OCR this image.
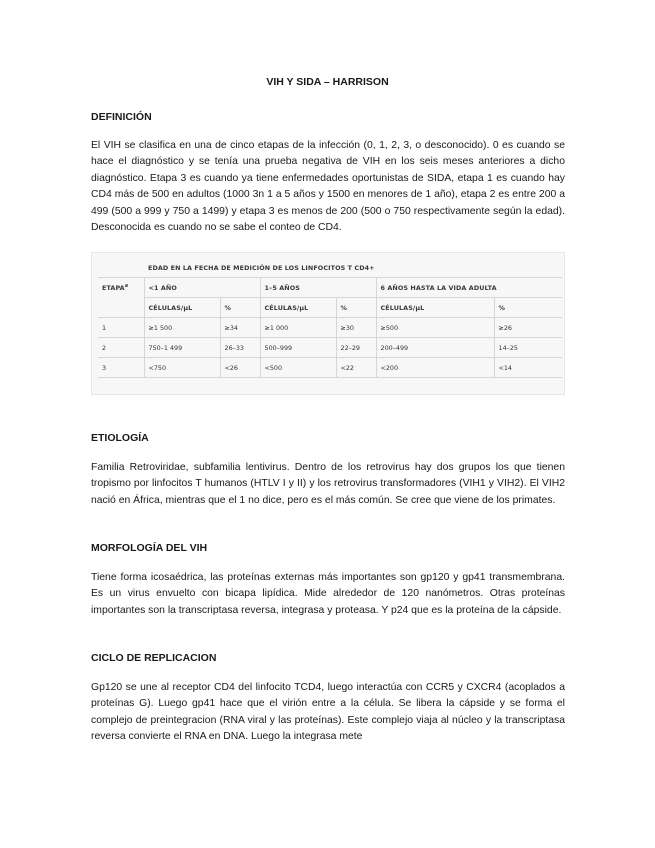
VIH Y SIDA – HARRISON
DEFINICIÓN
El VIH se clasifica en una de cinco etapas de la infección (0, 1, 2, 3, o desconocido). 0 es cuando se hace el diagnóstico y se tenía una prueba negativa de VIH en los seis meses anteriores a dicho diagnóstico. Etapa 3 es cuando ya tiene enfermedades oportunistas de SIDA, etapa 1 es cuando hay CD4 más de 500 en adultos (1000 3n 1 a 5 años y 1500 en menores de 1 año), etapa 2 es entre 200 a 499 (500 a 999 y 750 a 1499) y etapa 3 es menos de 200 (500 o 750 respectivamente según la edad). Desconocida es cuando no se sabe el conteo de CD4.
	EDAD EN LA FECHA DE MEDICIÓN DE LOS LINFOCITOS T CD4+					
ETAPA$^a$	<1 AÑO		1–5 AÑOS		6 AÑOS HASTA LA VIDA ADULTA	
	CÉLULAS/μL	%	CÉLULAS/μL	%	CÉLULAS/μL	%
1	≥1 500	≥34	≥1 000	≥30	≥500	≥26
2	750–1 499	26–33	500–999	22–29	200–499	14–25
3	<750	<26	<500	<22	<200	<14
ETIOLOGÍA
Familia Retroviridae, subfamilia lentivirus. Dentro de los retrovirus hay dos grupos los que tienen tropismo por linfocitos T humanos (HTLV I y II) y los retrovirus transformadores (VIH1 y VIH2). El VIH2 nació en África, mientras que el 1 no dice, pero es el más común. Se cree que viene de los primates.
MORFOLOGÍA DEL VIH
Tiene forma icosaédrica, las proteínas externas más importantes son gp120 y gp41 transmembrana. Es un virus envuelto con bicapa lipídica. Mide alrededor de 120 nanómetros. Otras proteínas importantes son la transcriptasa reversa, integrasa y proteasa. Y p24 que es la proteína de la cápside.
CICLO DE REPLICACION
Gp120 se une al receptor CD4 del linfocito TCD4, luego interactúa con CCR5 y CXCR4 (acoplados a proteínas G). Luego gp41 hace que el virión entre a la célula. Se libera la cápside y se forma el complejo de preintegracion (RNA viral y las proteínas). Este complejo viaja al núcleo y la transcriptasa reversa convierte el RNA en DNA. Luego la integrasa mete
